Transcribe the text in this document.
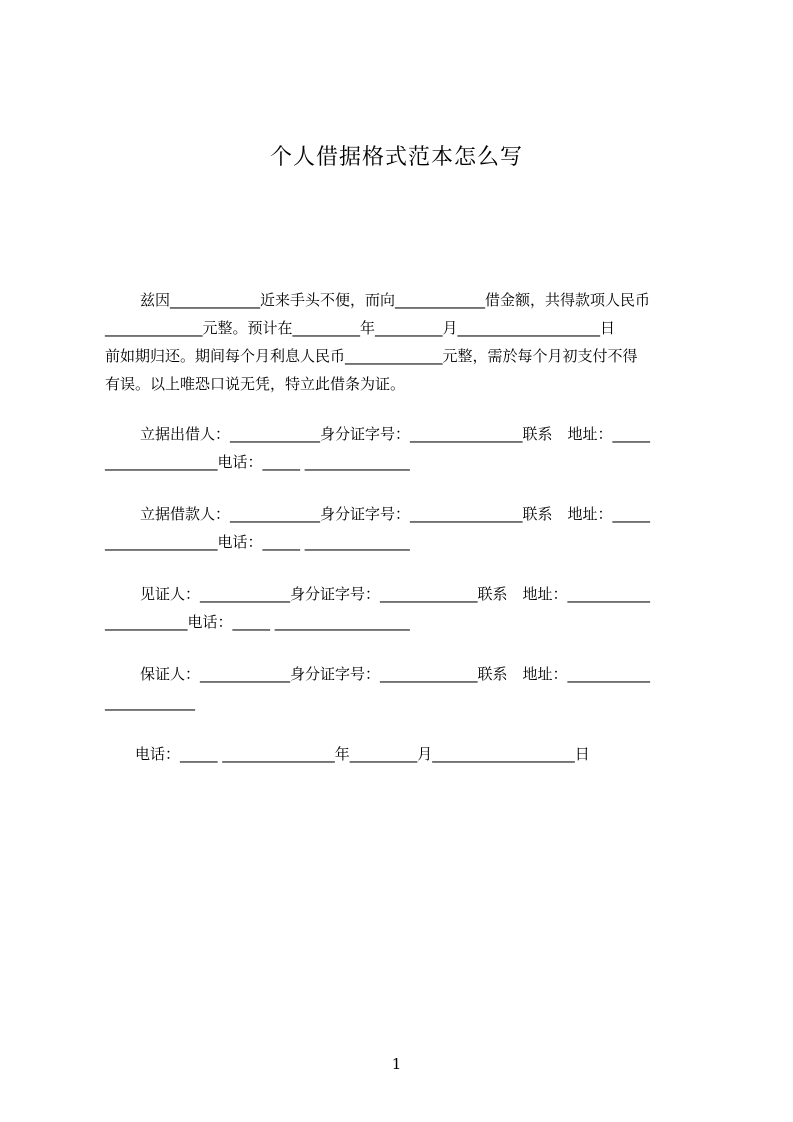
个人借据格式范本怎么写
兹因____________近来手头不便，而向____________借金额，共得款项人民币
_____________元整。预计在_________年_________月___________________日
前如期归还。期间每个月利息人民币_____________元整，需於每个月初支付不得
有误。以上唯恐口说无凭，特立此借条为证。
立据出借人：____________身分证字号：_______________联系　地址：_____
_______________电话：_____ ______________
立据借款人：____________身分证字号：_______________联系　地址：_____
_______________电话：_____ ______________
见证人：____________身分证字号：_____________联系　地址：___________
___________电话：_____ __________________
保证人：____________身分证字号：_____________联系　地址：___________
____________
电话：_____ _______________年_________月___________________日
1
